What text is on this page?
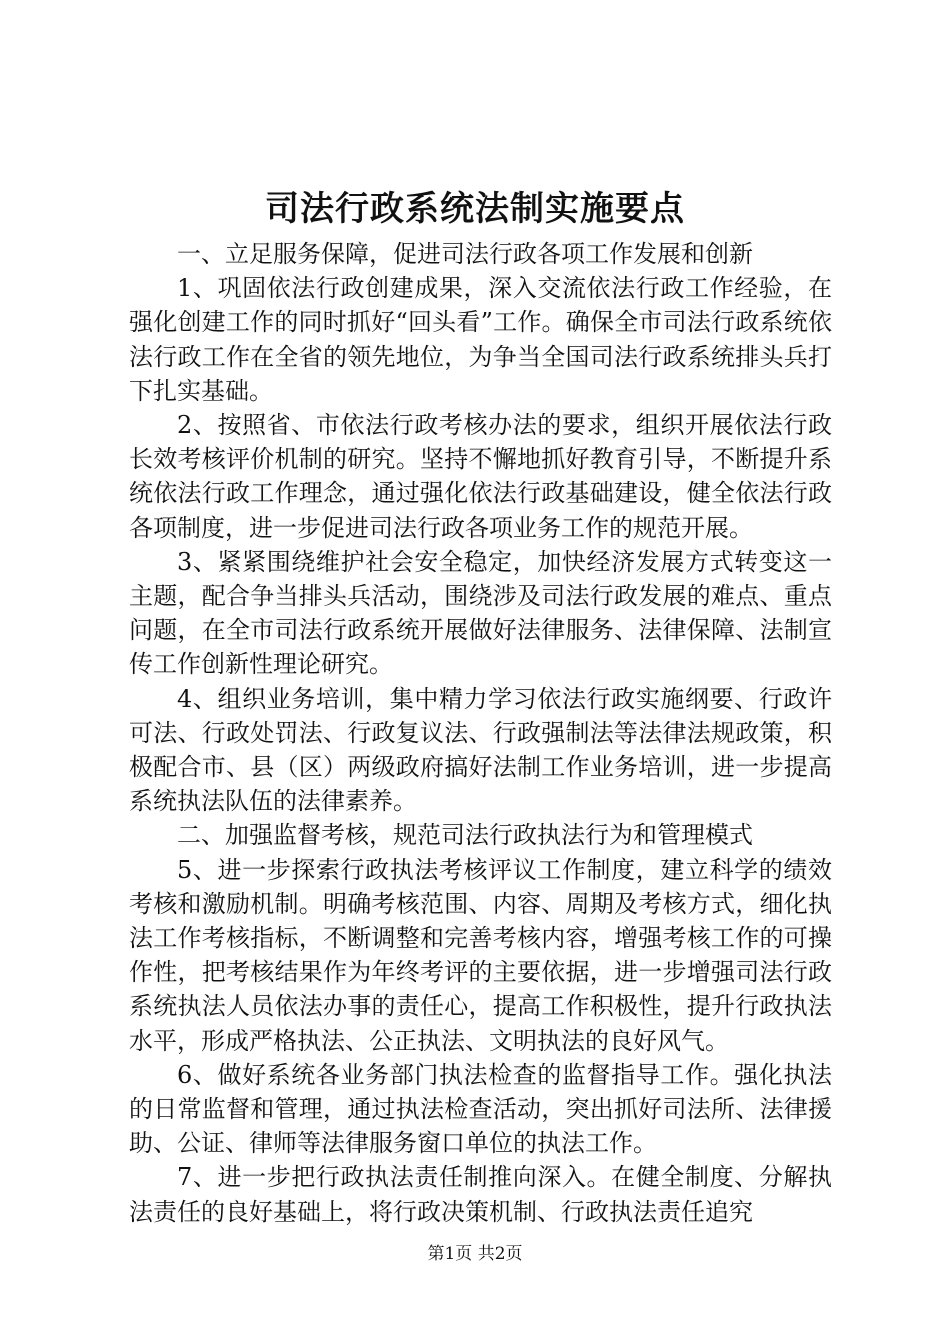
司法行政系统法制实施要点

一、立足服务保障，促进司法行政各项工作发展和创新

1、巩固依法行政创建成果，深入交流依法行政工作经验，在强化创建工作的同时抓好“回头看”工作。确保全市司法行政系统依法行政工作在全省的领先地位，为争当全国司法行政系统排头兵打下扎实基础。

2、按照省、市依法行政考核办法的要求，组织开展依法行政长效考核评价机制的研究。坚持不懈地抓好教育引导，不断提升系统依法行政工作理念，通过强化依法行政基础建设，健全依法行政各项制度，进一步促进司法行政各项业务工作的规范开展。

3、紧紧围绕维护社会安全稳定，加快经济发展方式转变这一主题，配合争当排头兵活动，围绕涉及司法行政发展的难点、重点问题，在全市司法行政系统开展做好法律服务、法律保障、法制宣传工作创新性理论研究。

4、组织业务培训，集中精力学习依法行政实施纲要、行政许可法、行政处罚法、行政复议法、行政强制法等法律法规政策，积极配合市、县（区）两级政府搞好法制工作业务培训，进一步提高系统执法队伍的法律素养。

二、加强监督考核，规范司法行政执法行为和管理模式

5、进一步探索行政执法考核评议工作制度，建立科学的绩效考核和激励机制。明确考核范围、内容、周期及考核方式，细化执法工作考核指标，不断调整和完善考核内容，增强考核工作的可操作性，把考核结果作为年终考评的主要依据，进一步增强司法行政系统执法人员依法办事的责任心，提高工作积极性，提升行政执法水平，形成严格执法、公正执法、文明执法的良好风气。

6、做好系统各业务部门执法检查的监督指导工作。强化执法的日常监督和管理，通过执法检查活动，突出抓好司法所、法律援助、公证、律师等法律服务窗口单位的执法工作。

7、进一步把行政执法责任制推向深入。在健全制度、分解执法责任的良好基础上，将行政决策机制、行政执法责任追究

第1页 共2页
